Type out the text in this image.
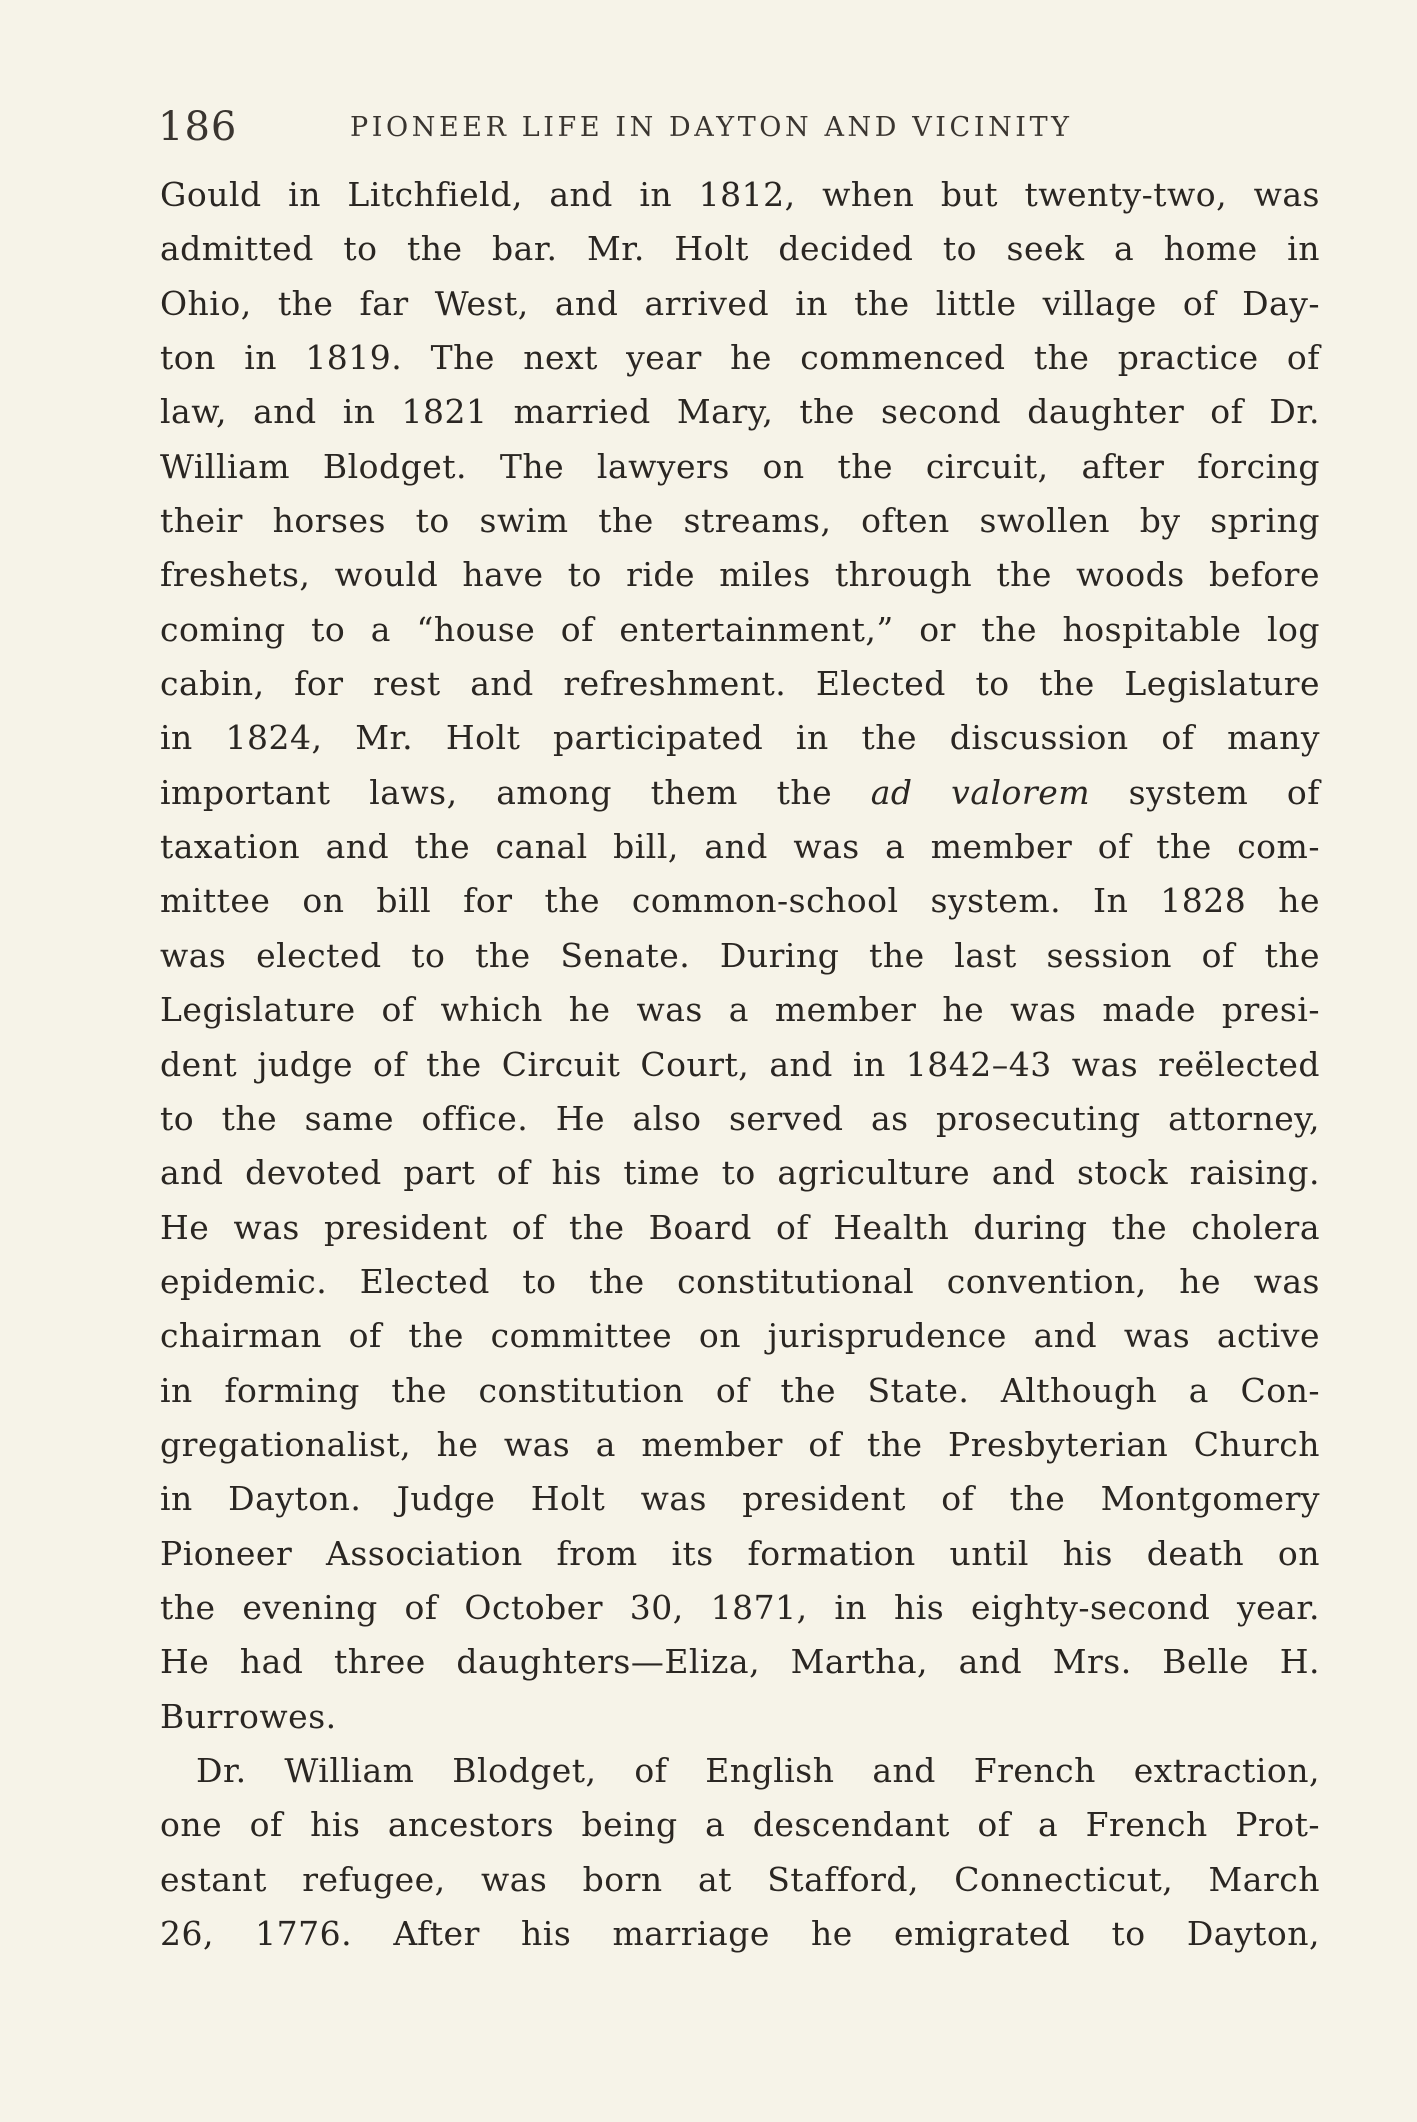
186	PIONEER LIFE IN DAYTON AND VICINITY
Gould in Litchfield, and in 1812, when but twenty-two, was
admitted to the bar. Mr. Holt decided to seek a home in
Ohio, the far West, and arrived in the little village of Day-
ton in 1819. The next year he commenced the practice of
law, and in 1821 married Mary, the second daughter of Dr.
William Blodget. The lawyers on the circuit, after forcing
their horses to swim the streams, often swollen by spring
freshets, would have to ride miles through the woods before
coming to a “house of entertainment,” or the hospitable log
cabin, for rest and refreshment. Elected to the Legislature
in 1824, Mr. Holt participated in the discussion of many
important laws, among them the ad valorem system of
taxation and the canal bill, and was a member of the com-
mittee on bill for the common-school system. In 1828 he
was elected to the Senate. During the last session of the
Legislature of which he was a member he was made presi-
dent judge of the Circuit Court, and in 1842–43 was reëlected
to the same office. He also served as prosecuting attorney,
and devoted part of his time to agriculture and stock raising.
He was president of the Board of Health during the cholera
epidemic. Elected to the constitutional convention, he was
chairman of the committee on jurisprudence and was active
in forming the constitution of the State. Although a Con-
gregationalist, he was a member of the Presbyterian Church
in Dayton. Judge Holt was president of the Montgomery
Pioneer Association from its formation until his death on
the evening of October 30, 1871, in his eighty-second year.
He had three daughters—Eliza, Martha, and Mrs. Belle H.
Burrowes.
Dr. William Blodget, of English and French extraction,
one of his ancestors being a descendant of a French Prot-
estant refugee, was born at Stafford, Connecticut, March
26, 1776. After his marriage he emigrated to Dayton,
